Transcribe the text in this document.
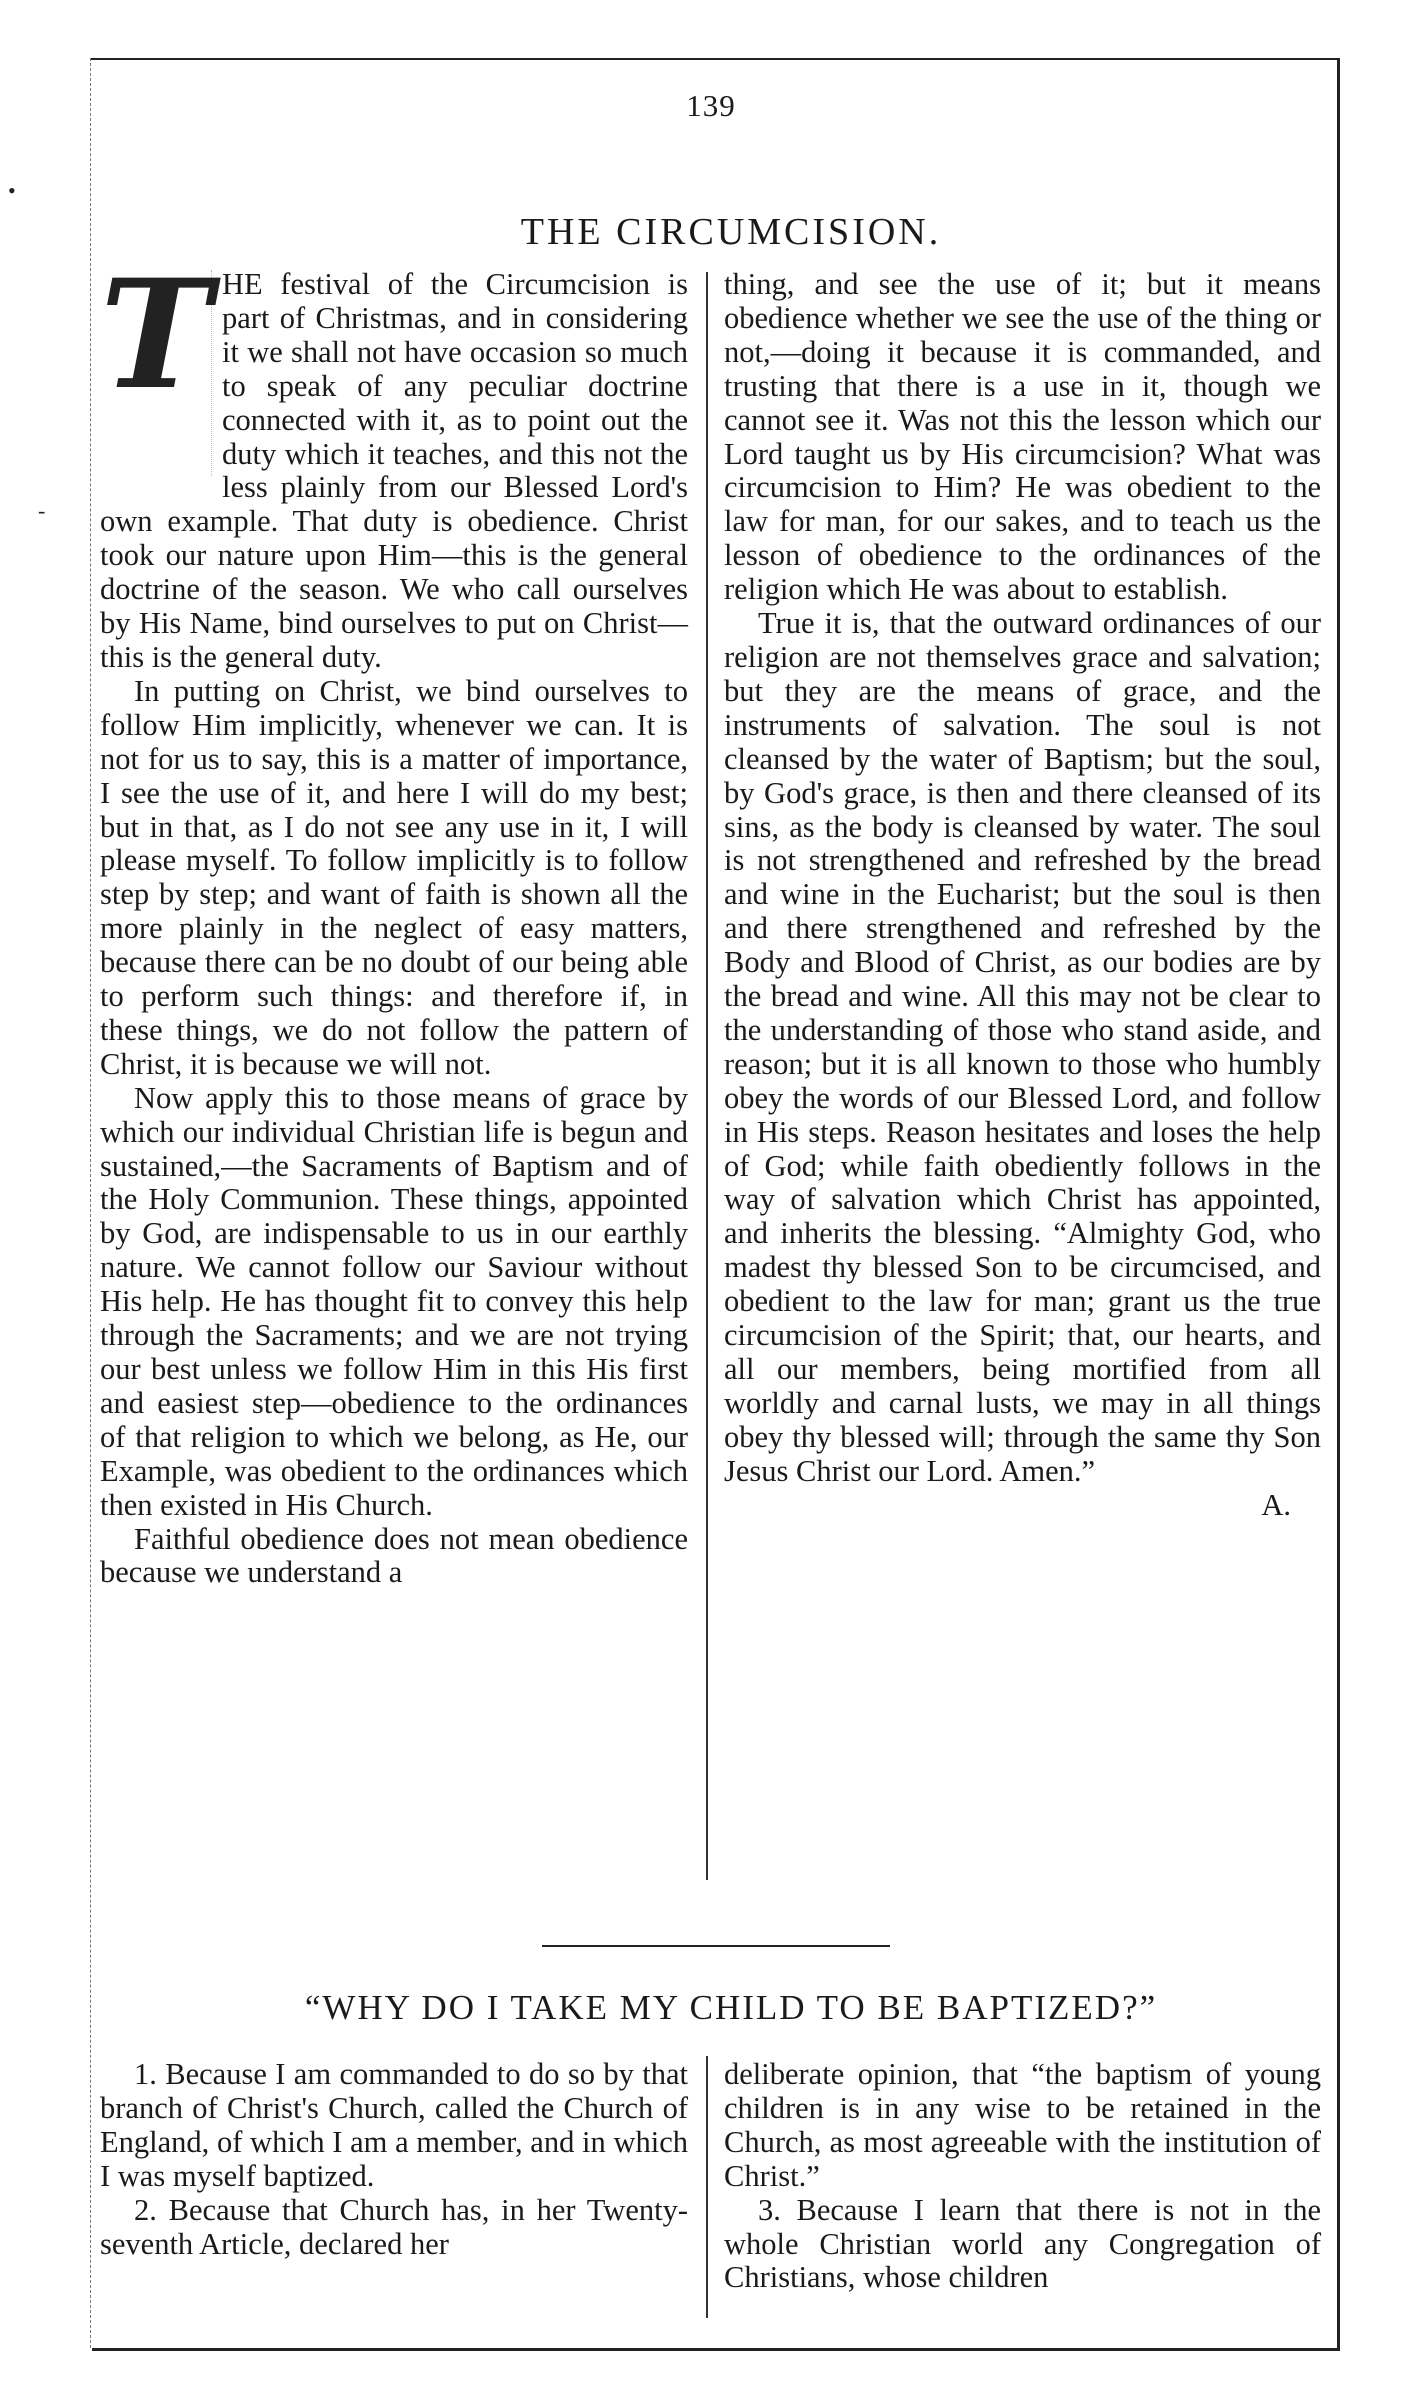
•
-
139
THE CIRCUMCISION.

T HE festival of the Circumcision is part of Christmas, and in considering it we shall not have occasion so much to speak of any peculiar doctrine connected with it, as to point out the duty which it teaches, and this not the less plainly from our Blessed Lord's own example. That duty is obedience. Christ took our nature upon Him—this is the general doctrine of the season. We who call ourselves by His Name, bind ourselves to put on Christ—this is the general duty.

In putting on Christ, we bind ourselves to follow Him implicitly, whenever we can. It is not for us to say, this is a matter of importance, I see the use of it, and here I will do my best; but in that, as I do not see any use in it, I will please myself. To follow implicitly is to follow step by step; and want of faith is shown all the more plainly in the neglect of easy matters, because there can be no doubt of our being able to perform such things: and therefore if, in these things, we do not follow the pattern of Christ, it is because we will not.

Now apply this to those means of grace by which our individual Christian life is begun and sustained,—the Sacraments of Baptism and of the Holy Communion. These things, appointed by God, are indispensable to us in our earthly nature. We cannot follow our Saviour without His help. He has thought fit to convey this help through the Sacraments; and we are not trying our best unless we follow Him in this His first and easiest step—obedience to the ordinances of that religion to which we belong, as He, our Example, was obedient to the ordinances which then existed in His Church.

Faithful obedience does not mean obedience because we understand a

thing, and see the use of it; but it means obedience whether we see the use of the thing or not,—doing it because it is commanded, and trusting that there is a use in it, though we cannot see it. Was not this the lesson which our Lord taught us by His circumcision? What was circumcision to Him? He was obedient to the law for man, for our sakes, and to teach us the lesson of obedience to the ordinances of the religion which He was about to establish.

True it is, that the outward ordinances of our religion are not themselves grace and salvation; but they are the means of grace, and the instruments of salvation. The soul is not cleansed by the water of Baptism; but the soul, by God's grace, is then and there cleansed of its sins, as the body is cleansed by water. The soul is not strengthened and refreshed by the bread and wine in the Eucharist; but the soul is then and there strengthened and refreshed by the Body and Blood of Christ, as our bodies are by the bread and wine. All this may not be clear to the understanding of those who stand aside, and reason; but it is all known to those who humbly obey the words of our Blessed Lord, and follow in His steps. Reason hesitates and loses the help of God; while faith obediently follows in the way of salvation which Christ has appointed, and inherits the blessing. “Almighty God, who madest thy blessed Son to be circumcised, and obedient to the law for man; grant us the true circumcision of the Spirit; that, our hearts, and all our members, being mortified from all worldly and carnal lusts, we may in all things obey thy blessed will; through the same thy Son Jesus Christ our Lord. Amen.”

A.

“WHY DO I TAKE MY CHILD TO BE BAPTIZED?”

1. Because I am commanded to do so by that branch of Christ's Church, called the Church of England, of which I am a member, and in which I was myself baptized.

2. Because that Church has, in her Twenty-seventh Article, declared her

deliberate opinion, that “the baptism of young children is in any wise to be retained in the Church, as most agreeable with the institution of Christ.”

3. Because I learn that there is not in the whole Christian world any Congregation of Christians, whose children
